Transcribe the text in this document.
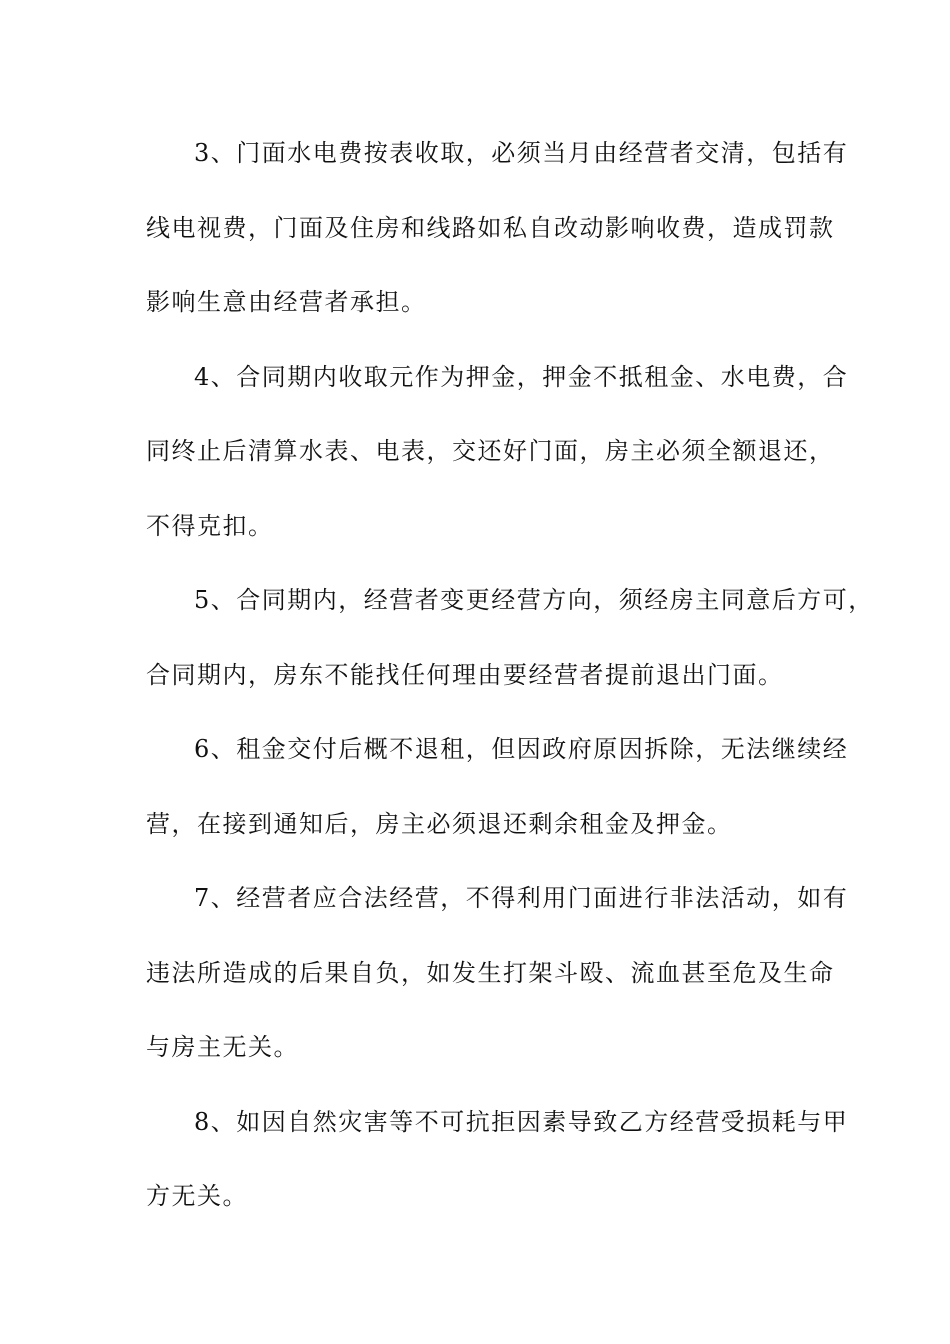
3、门面水电费按表收取，必须当月由经营者交清，包括有
线电视费，门面及住房和线路如私自改动影响收费，造成罚款
影响生意由经营者承担。
4、合同期内收取元作为押金，押金不抵租金、水电费，合
同终止后清算水表、电表，交还好门面，房主必须全额退还，
不得克扣。
5、合同期内，经营者变更经营方向，须经房主同意后方可，
合同期内，房东不能找任何理由要经营者提前退出门面。
6、租金交付后概不退租，但因政府原因拆除，无法继续经
营，在接到通知后，房主必须退还剩余租金及押金。
7、经营者应合法经营，不得利用门面进行非法活动，如有
违法所造成的后果自负，如发生打架斗殴、流血甚至危及生命
与房主无关。
8、如因自然灾害等不可抗拒因素导致乙方经营受损耗与甲
方无关。
